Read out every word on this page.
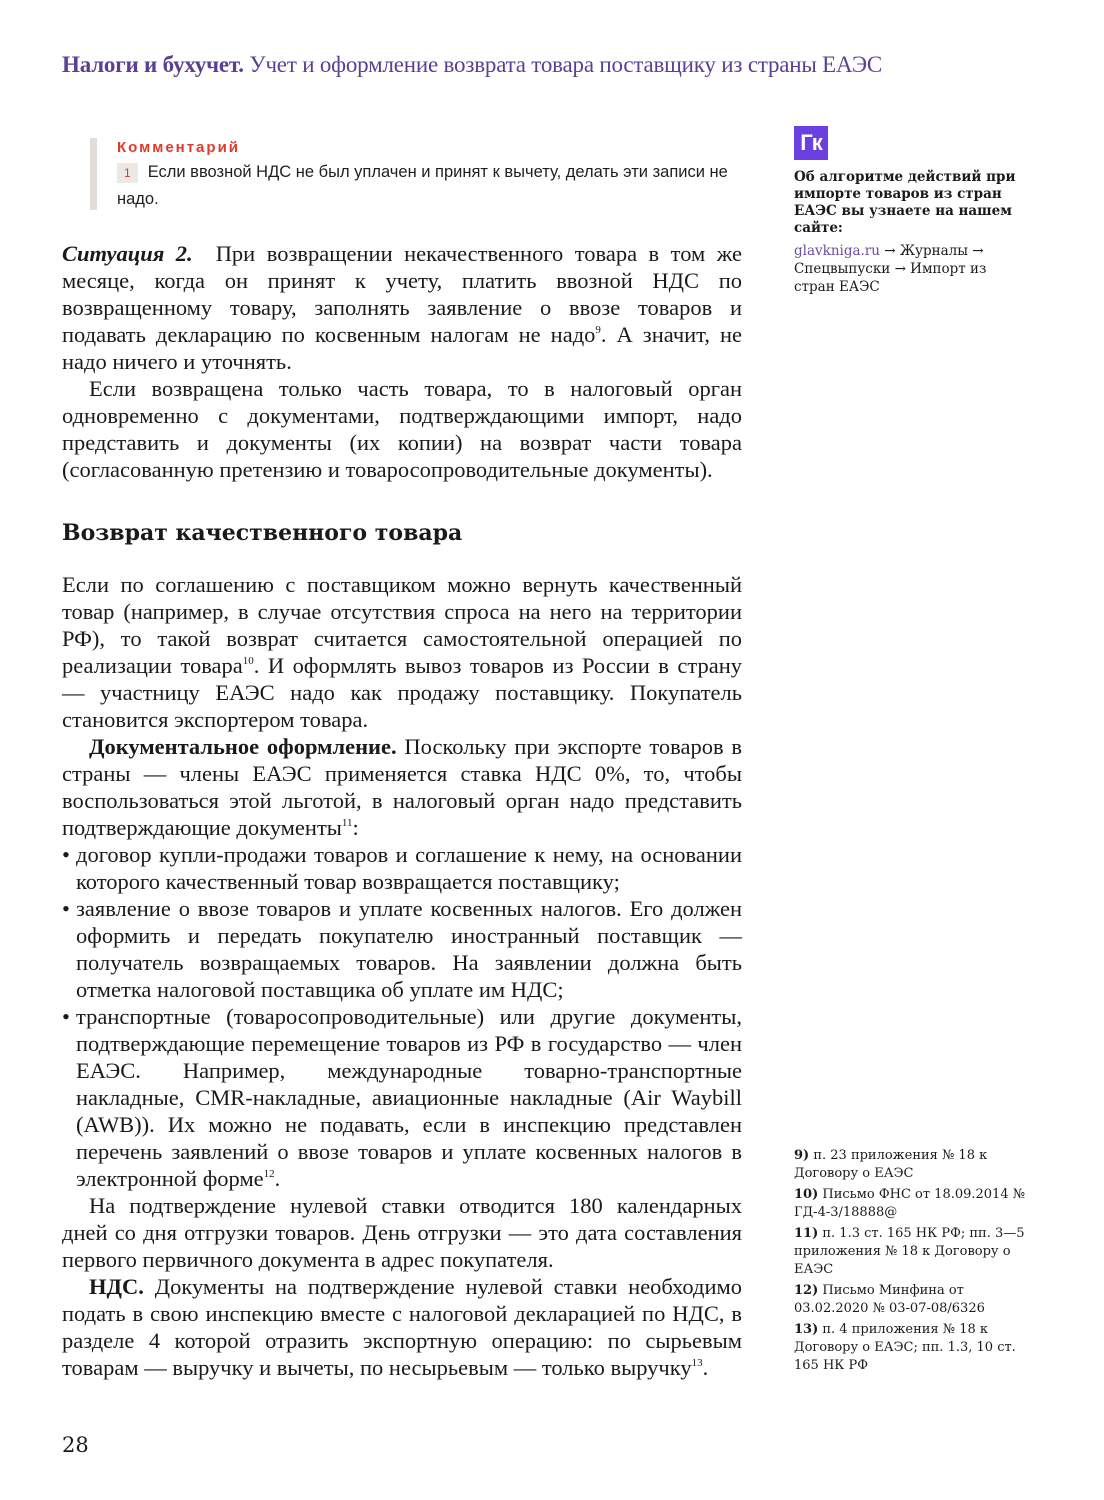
Налоги и бухучет. Учет и оформление возврата товара поставщику из страны ЕАЭС
Комментарий
1 Если ввозной НДС не был уплачен и принят к вычету, делать эти записи не надо.

Ситуация 2. При возвращении некачественного товара в том же месяце, когда он принят к учету, платить ввозной НДС по возвращенному товару, заполнять заявление о ввозе товаров и подавать декларацию по косвенным налогам не надо$^9$. А значит, не надо ничего и уточнять.

Если возвращена только часть товара, то в налоговый орган одновременно с документами, подтверждающими импорт, надо представить и документы (их копии) на возврат части товара (согласованную претензию и товаросопроводительные документы).

Возврат качественного товара

Если по соглашению с поставщиком можно вернуть качественный товар (например, в случае отсутствия спроса на него на территории РФ), то такой возврат считается самостоятельной операцией по реализации товара$^{10}$. И оформлять вывоз товаров из России в страну — участницу ЕАЭС надо как продажу поставщику. Покупатель становится экспортером товара.

Документальное оформление. Поскольку при экспорте товаров в страны — члены ЕАЭС применяется ставка НДС 0%, то, чтобы воспользоваться этой льготой, в налоговый орган надо представить подтверждающие документы$^{11}$:

• договор купли-продажи товаров и соглашение к нему, на основании которого качественный товар возвращается поставщику;
• заявление о ввозе товаров и уплате косвенных налогов. Его должен оформить и передать покупателю иностранный поставщик — получатель возвращаемых товаров. На заявлении должна быть отметка налоговой поставщика об уплате им НДС;
• транспортные (товаросопроводительные) или другие документы, подтверждающие перемещение товаров из РФ в государство — член ЕАЭС. Например, международные товарно-транспортные накладные, CMR-накладные, авиационные накладные (Air Waybill (AWB)). Их можно не подавать, если в инспекцию представлен перечень заявлений о ввозе товаров и уплате косвенных налогов в электронной форме$^{12}$.

На подтверждение нулевой ставки отводится 180 календарных дней со дня отгрузки товаров. День отгрузки — это дата составления первого первичного документа в адрес покупателя.

НДС. Документы на подтверждение нулевой ставки необходимо подать в свою инспекцию вместе с налоговой декларацией по НДС, в разделе 4 которой отразить экспортную операцию: по сырьевым товарам — выручку и вычеты, по несырьевым — только выручку$^{13}$.

Гк
Об алгоритме действий при импорте товаров из стран ЕАЭС вы узнаете на нашем сайте:
glavkniga.ru → Журналы → Спецвыпуски → Импорт из стран ЕАЭС
9) п. 23 приложения № 18 к Договору о ЕАЭС
10) Письмо ФНС от 18.09.2014 № ГД-4-3/18888@
11) п. 1.3 ст. 165 НК РФ; пп. 3—5 приложения № 18 к Договору о ЕАЭС
12) Письмо Минфина от 03.02.2020 № 03-07-08/6326
13) п. 4 приложения № 18 к Договору о ЕАЭС; пп. 1.3, 10 ст. 165 НК РФ
28
